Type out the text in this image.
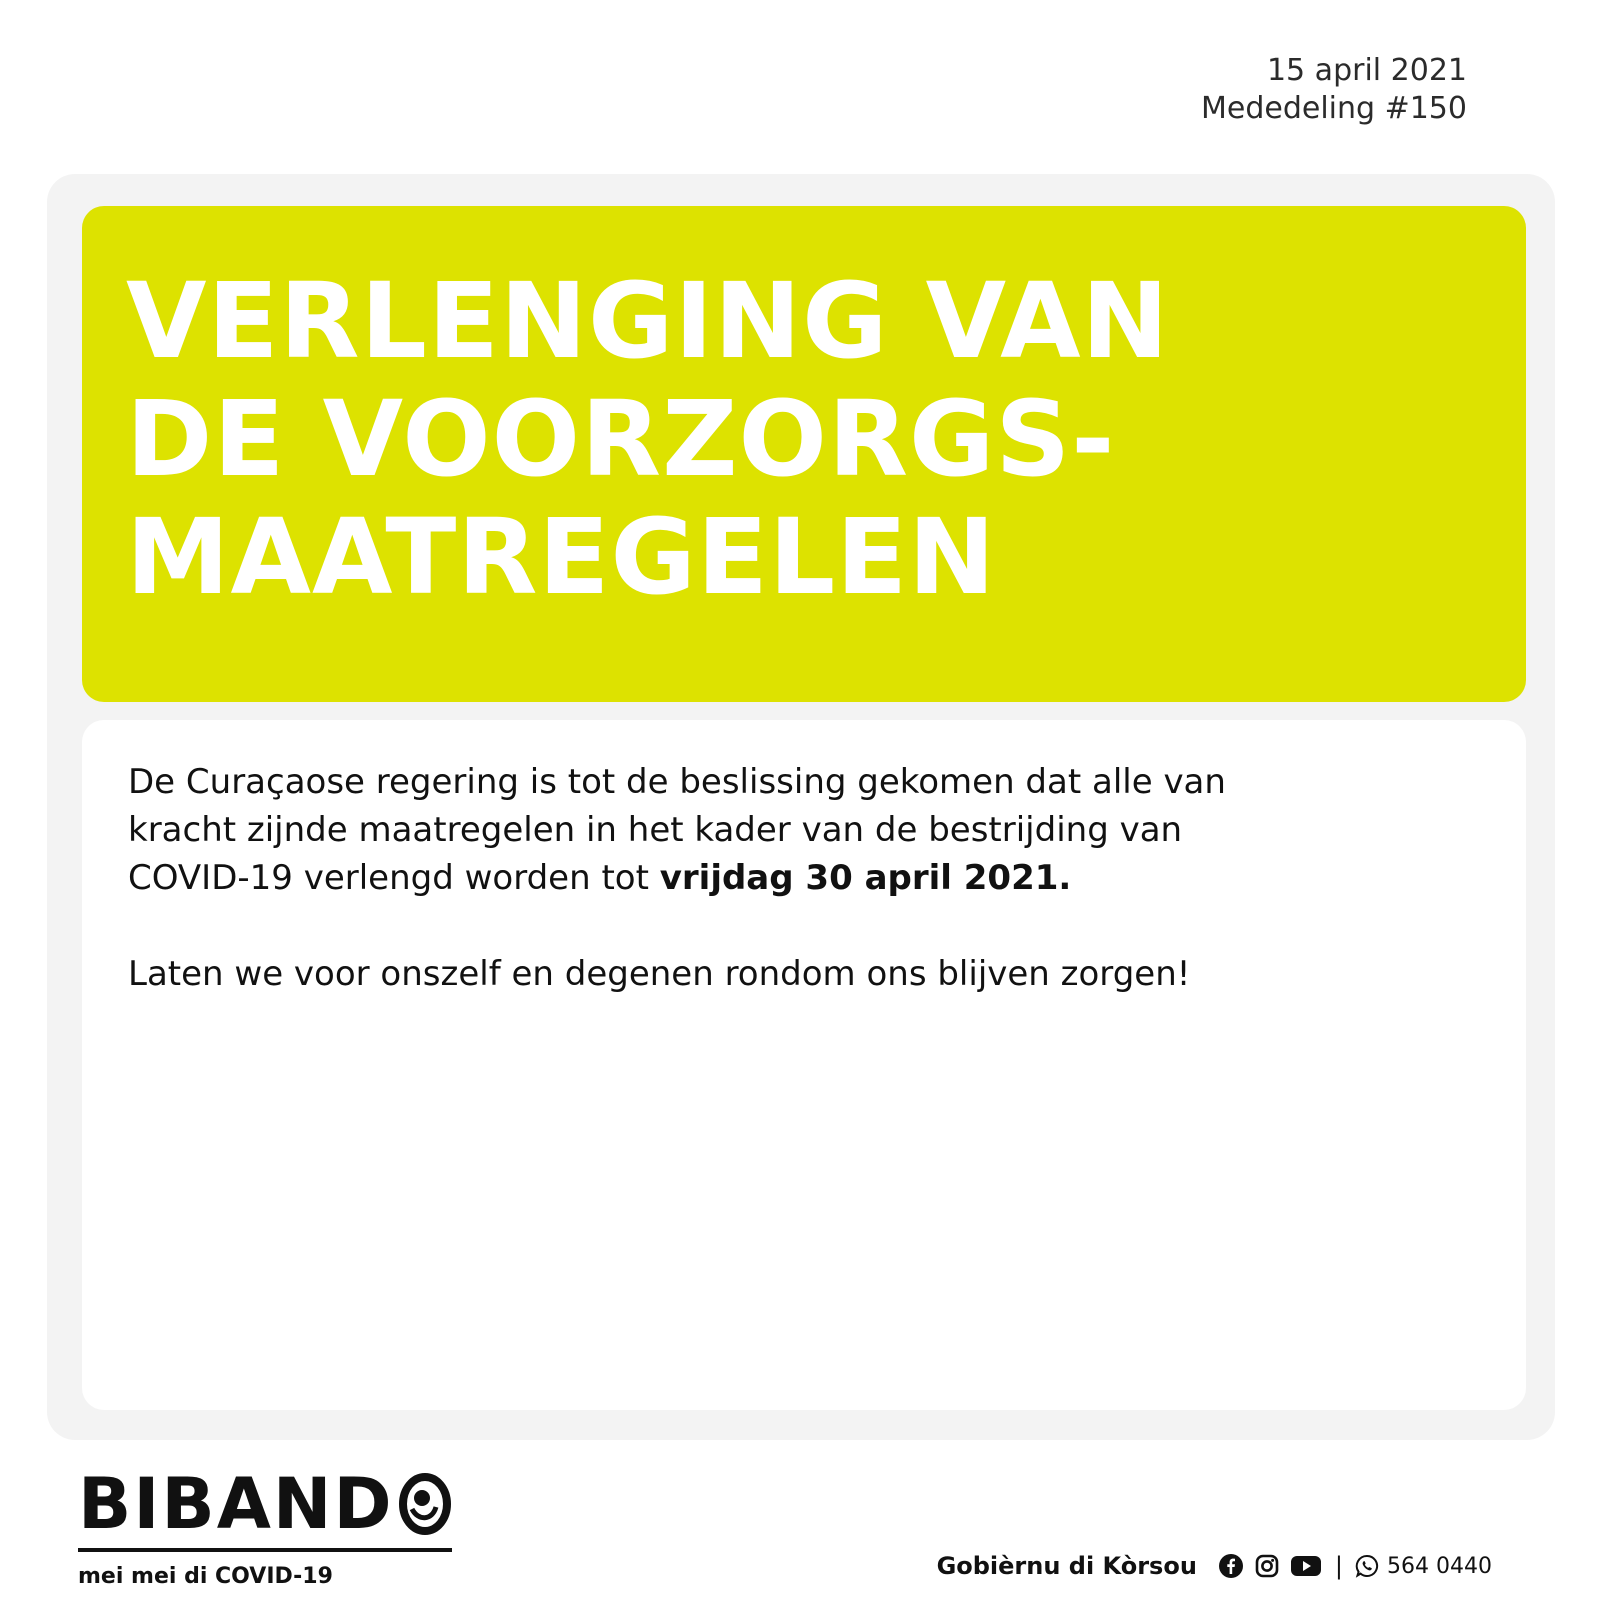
15 april 2021
Mededeling #150
VERLENGING VAN
DE VOORZORGS-
MAATREGELEN

De Curaçaose regering is tot de beslissing gekomen dat alle van kracht zijnde maatregelen in het kader van de bestrijding van COVID-19 verlengd worden tot vrijdag 30 april 2021.

Laten we voor onszelf en degenen rondom ons blijven zorgen!

BIBAND
mei mei di COVID-19	Gobièrnu di Kòrsou	| 564 0440
